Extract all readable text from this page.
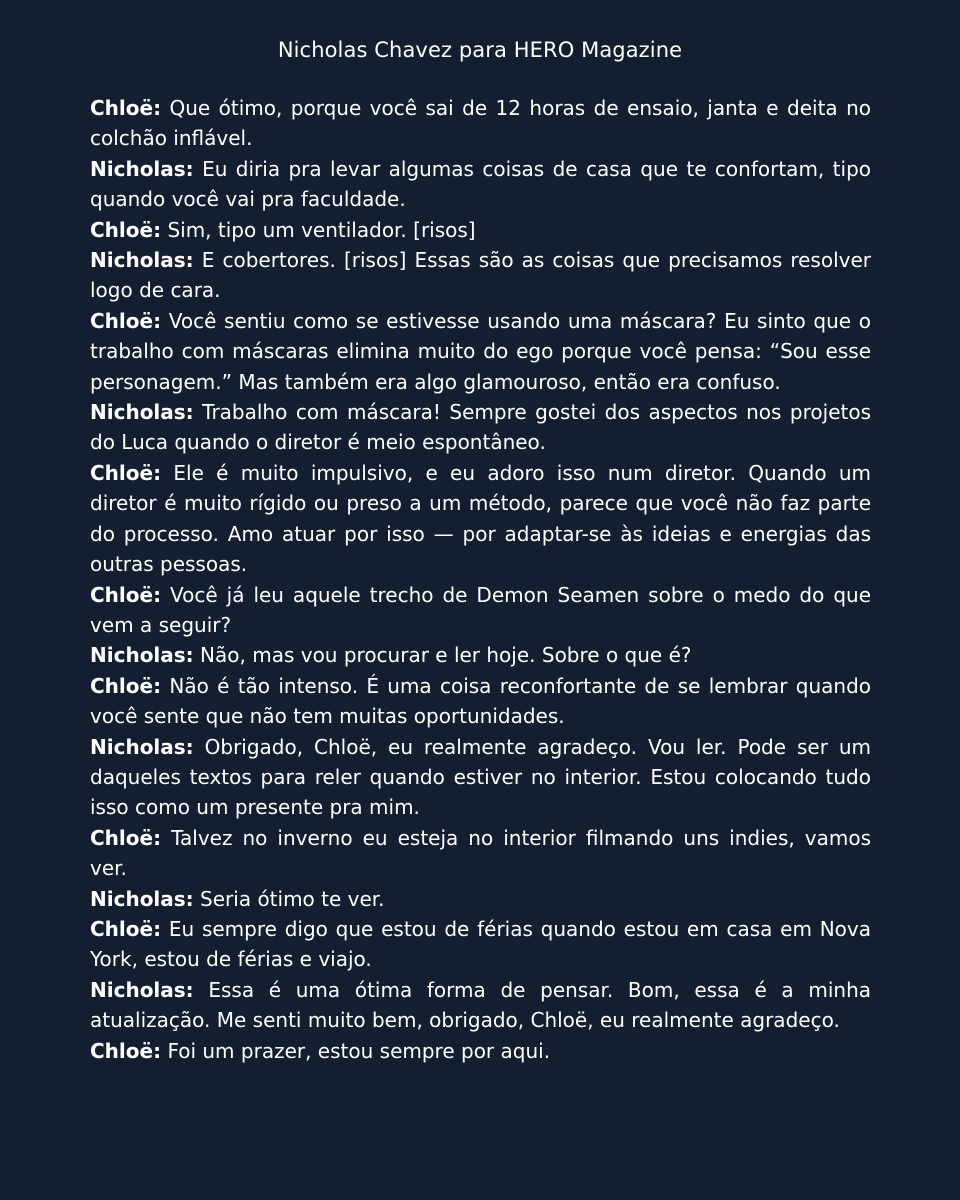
Nicholas Chavez para HERO Magazine

Chloë: Que ótimo, porque você sai de 12 horas de ensaio, janta e deita no colchão inflável.

Nicholas: Eu diria pra levar algumas coisas de casa que te confortam, tipo quando você vai pra faculdade.

Chloë: Sim, tipo um ventilador. [risos]

Nicholas: E cobertores. [risos] Essas são as coisas que precisamos resolver logo de cara.

Chloë: Você sentiu como se estivesse usando uma máscara? Eu sinto que o trabalho com máscaras elimina muito do ego porque você pensa: “Sou esse personagem.” Mas também era algo glamouroso, então era confuso.

Nicholas: Trabalho com máscara! Sempre gostei dos aspectos nos projetos do Luca quando o diretor é meio espontâneo.

Chloë: Ele é muito impulsivo, e eu adoro isso num diretor. Quando um diretor é muito rígido ou preso a um método, parece que você não faz parte do processo. Amo atuar por isso — por adaptar-se às ideias e energias das outras pessoas.

Chloë: Você já leu aquele trecho de Demon Seamen sobre o medo do que vem a seguir?

Nicholas: Não, mas vou procurar e ler hoje. Sobre o que é?

Chloë: Não é tão intenso. É uma coisa reconfortante de se lembrar quando você sente que não tem muitas oportunidades.

Nicholas: Obrigado, Chloë, eu realmente agradeço. Vou ler. Pode ser um daqueles textos para reler quando estiver no interior. Estou colocando tudo isso como um presente pra mim.

Chloë: Talvez no inverno eu esteja no interior filmando uns indies, vamos ver.

Nicholas: Seria ótimo te ver.

Chloë: Eu sempre digo que estou de férias quando estou em casa em Nova York, estou de férias e viajo.

Nicholas: Essa é uma ótima forma de pensar. Bom, essa é a minha atualização. Me senti muito bem, obrigado, Chloë, eu realmente agradeço.

Chloë: Foi um prazer, estou sempre por aqui.
